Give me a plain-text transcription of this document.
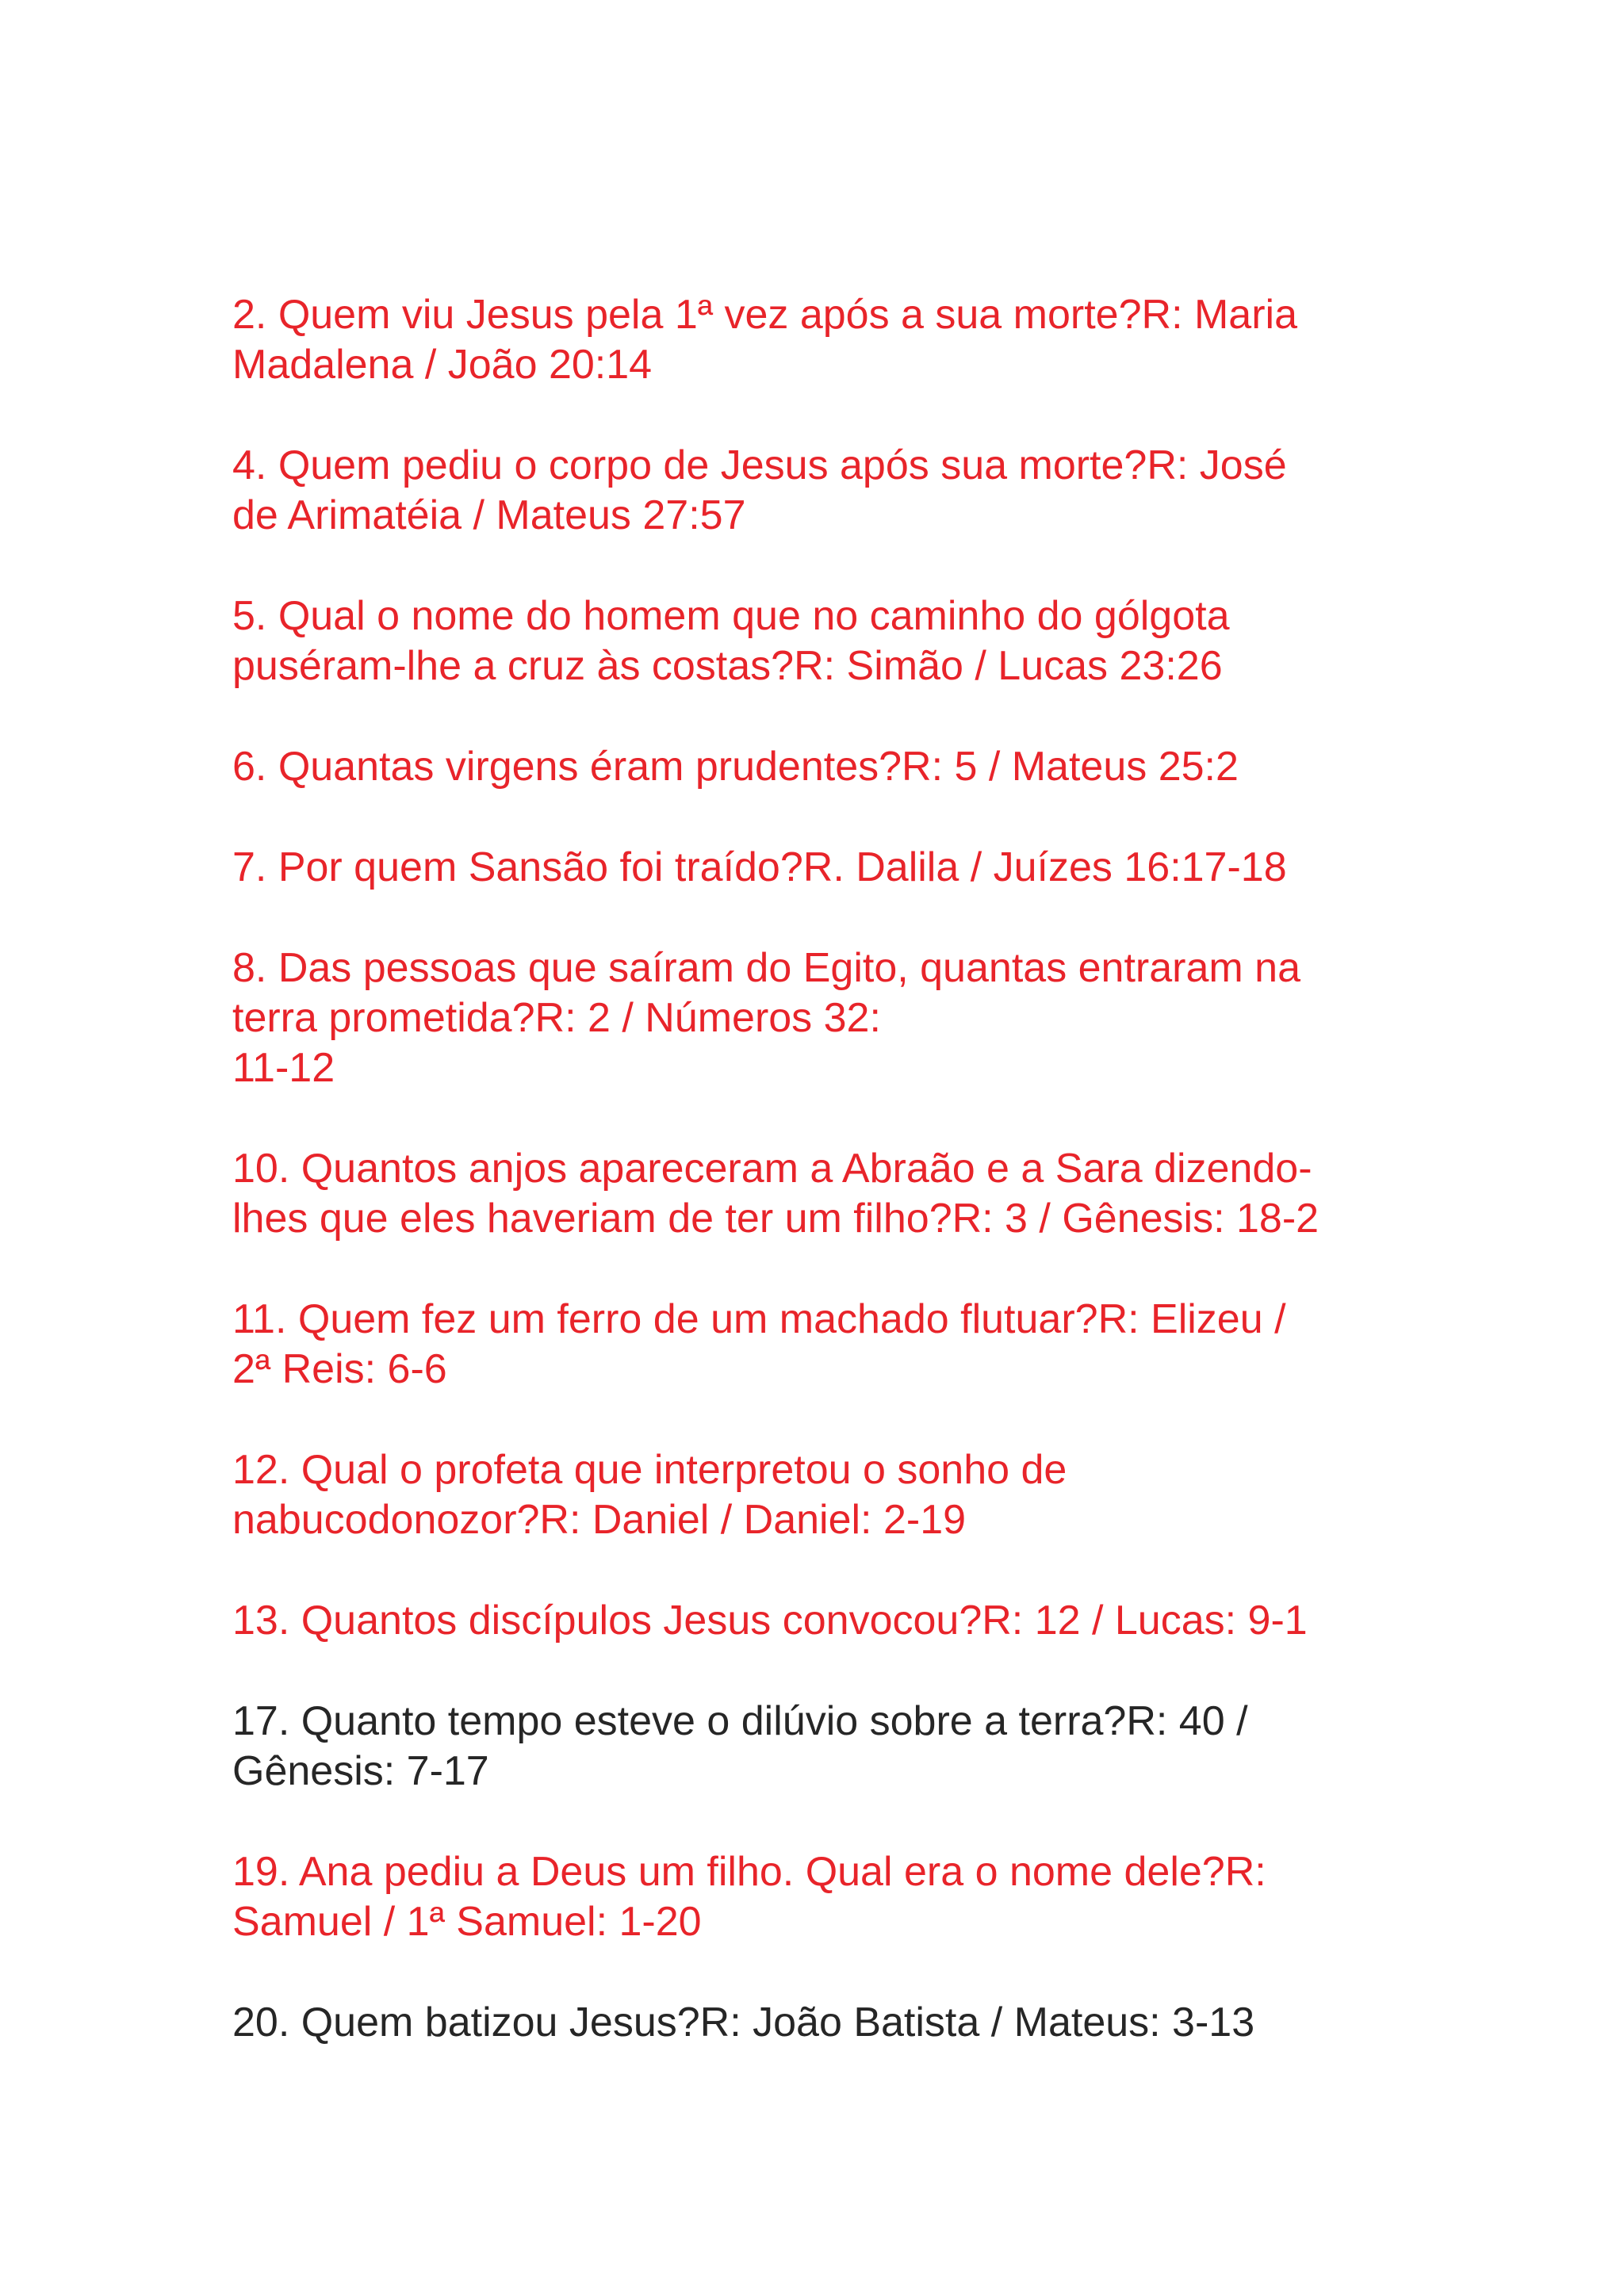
2. Quem viu Jesus pela 1ª vez após a sua morte?R: Maria
Madalena / João 20:14
4. Quem pediu o corpo de Jesus após sua morte?R: José
de Arimatéia / Mateus 27:57
5. Qual o nome do homem que no caminho do gólgota
puséram-lhe a cruz às costas?R: Simão / Lucas 23:26
6. Quantas virgens éram prudentes?R: 5 / Mateus 25:2
7. Por quem Sansão foi traído?R. Dalila / Juízes 16:17-18
8. Das pessoas que saíram do Egito, quantas entraram na
terra prometida?R: 2 / Números 32:
11-12
10. Quantos anjos apareceram a Abraão e a Sara dizendo-
lhes que eles haveriam de ter um filho?R: 3 / Gênesis: 18-2
11. Quem fez um ferro de um machado flutuar?R: Elizeu /
2ª Reis: 6-6
12. Qual o profeta que interpretou o sonho de
nabucodonozor?R: Daniel / Daniel: 2-19
13. Quantos discípulos Jesus convocou?R: 12 / Lucas: 9-1
17. Quanto tempo esteve o dilúvio sobre a terra?R: 40 /
Gênesis: 7-17
19. Ana pediu a Deus um filho. Qual era o nome dele?R:
Samuel / 1ª Samuel: 1-20
20. Quem batizou Jesus?R: João Batista / Mateus: 3-13
